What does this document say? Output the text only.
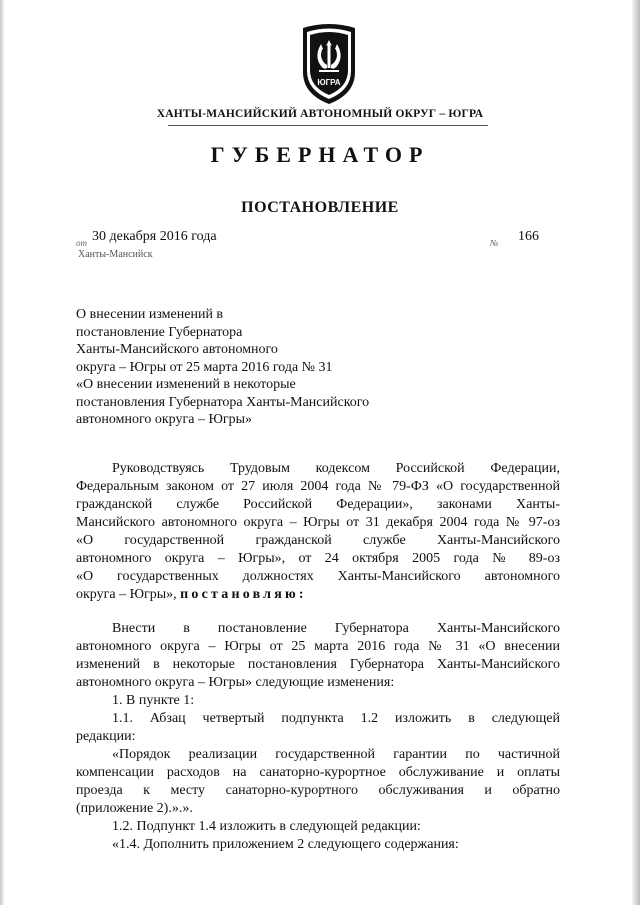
ЮГРА
ХАНТЫ-МАНСИЙСКИЙ АВТОНОМНЫЙ ОКРУГ – ЮГРА
ГУБЕРНАТОР
ПОСТАНОВЛЕНИЕ
от 30 декабря 2016 года	№ 166
Ханты-Мансийск
О внесении изменений в
постановление Губернатора
Ханты-Мансийского автономного
округа – Югры от 25 марта 2016 года № 31
«О внесении изменений в некоторые
постановления Губернатора Ханты-Мансийского
автономного округа – Югры»
Руководствуясь Трудовым кодексом Российской Федерации,
Федеральным законом от 27 июля 2004 года № 79-ФЗ «О государственной
гражданской службе Российской Федерации», законами Ханты-
Мансийского автономного округа – Югры от 31 декабря 2004 года № 97-оз
«О государственной гражданской службе Ханты-Мансийского
автономного округа – Югры», от 24 октября 2005 года № 89-оз
«О государственных должностях Ханты-Мансийского автономного
округа – Югры», постановляю:
Внести в постановление Губернатора Ханты-Мансийского
автономного округа – Югры от 25 марта 2016 года № 31 «О внесении
изменений в некоторые постановления Губернатора Ханты-Мансийского
автономного округа – Югры» следующие изменения:
1. В пункте 1:
1.1. Абзац четвертый подпункта 1.2 изложить в следующей
редакции:
«Порядок реализации государственной гарантии по частичной
компенсации расходов на санаторно-курортное обслуживание и оплаты
проезда к месту санаторно-курортного обслуживания и обратно
(приложение 2).».».
1.2. Подпункт 1.4 изложить в следующей редакции:
«1.4. Дополнить приложением 2 следующего содержания:
